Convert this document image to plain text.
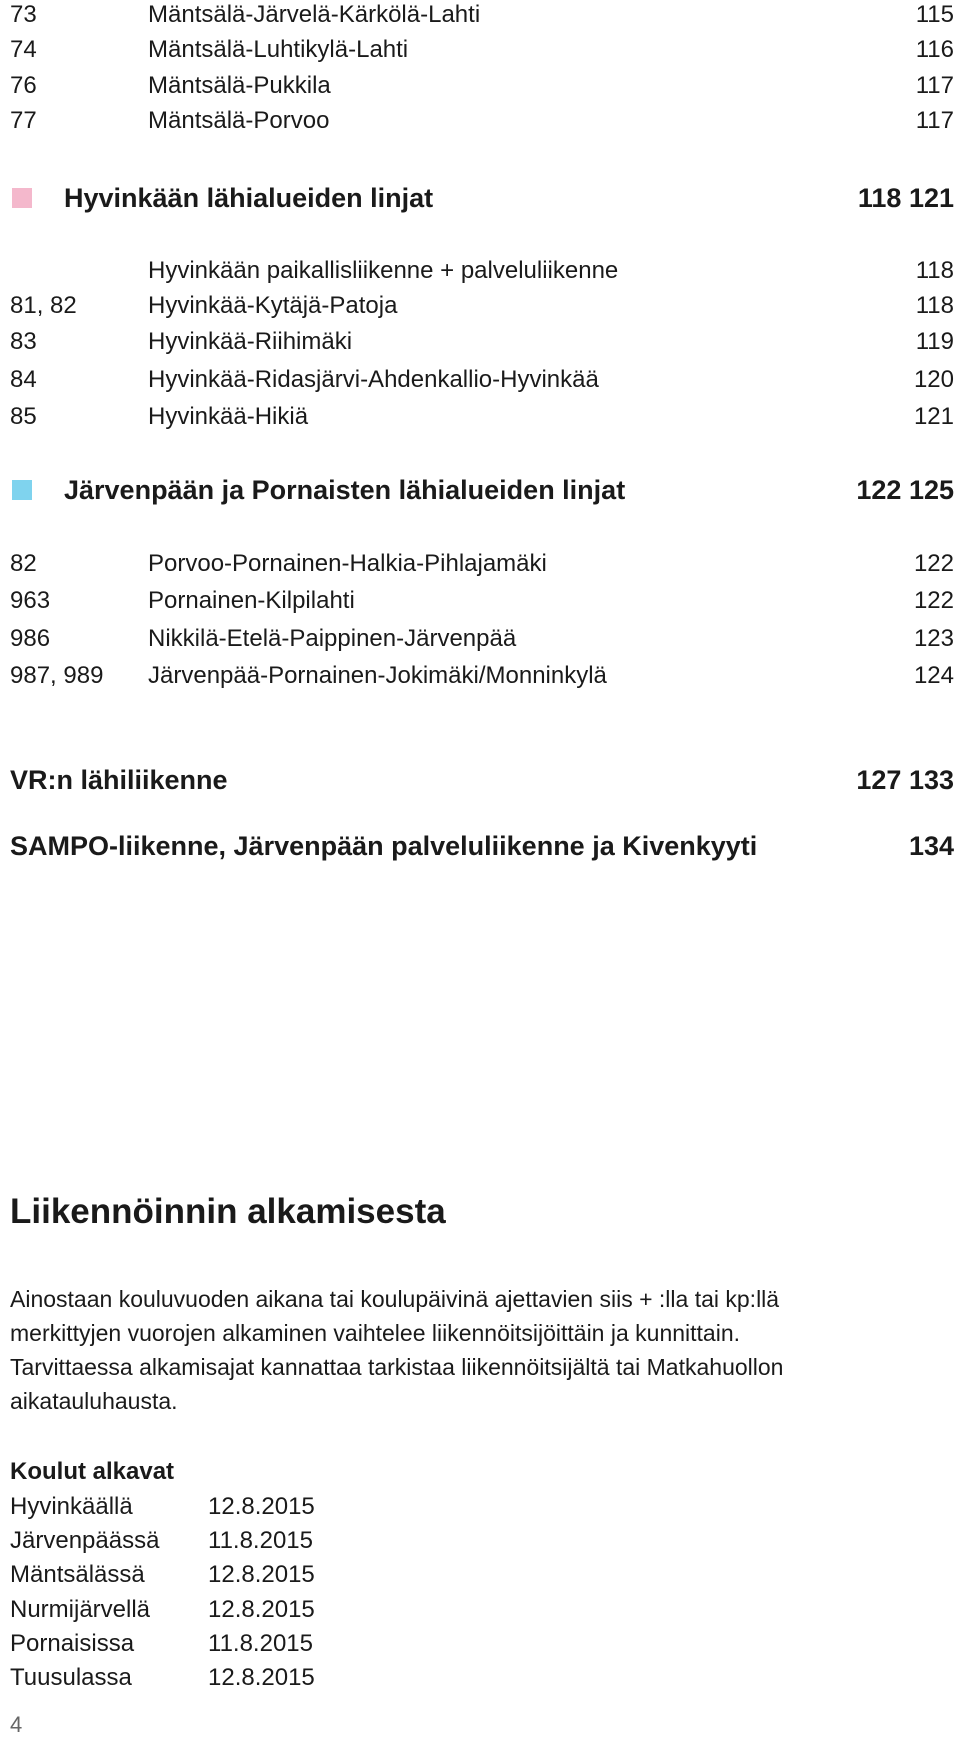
73	Mäntsälä-Järvelä-Kärkölä-Lahti	115
74	Mäntsälä-Luhtikylä-Lahti	116
76	Mäntsälä-Pukkila	117
77	Mäntsälä-Porvoo	117
Hyvinkään lähialueiden linjat	118 121
Hyvinkään paikallisliikenne + palveluliikenne	118
81, 82	Hyvinkää-Kytäjä-Patoja	118
83	Hyvinkää-Riihimäki	119
84	Hyvinkää-Ridasjärvi-Ahdenkallio-Hyvinkää	120
85	Hyvinkää-Hikiä	121
Järvenpään ja Pornaisten lähialueiden linjat	122 125
82	Porvoo-Pornainen-Halkia-Pihlajamäki	122
963	Pornainen-Kilpilahti	122
986	Nikkilä-Etelä-Paippinen-Järvenpää	123
987, 989 Järvenpää-Pornainen-Jokimäki/Monninkylä	124
VR:n lähiliikenne	127 133
SAMPO-liikenne, Järvenpään palveluliikenne ja Kivenkyyti	134
Liikennöinnin alkamisesta
Ainostaan kouluvuoden aikana tai koulupäivinä ajettavien siis + :lla tai kp:llä
merkittyjen vuorojen alkaminen vaihtelee liikennöitsijöittäin ja kunnittain.
Tarvittaessa alkamisajat kannattaa tarkistaa liikennöitsijältä tai Matkahuollon
aikatauluhausta.
Koulut alkavat
Hyvinkäällä	12.8.2015
Järvenpäässä 11.8.2015
Mäntsälässä	12.8.2015
Nurmijärvellä 12.8.2015
Pornaisissa	11.8.2015
Tuusulassa	12.8.2015
4
